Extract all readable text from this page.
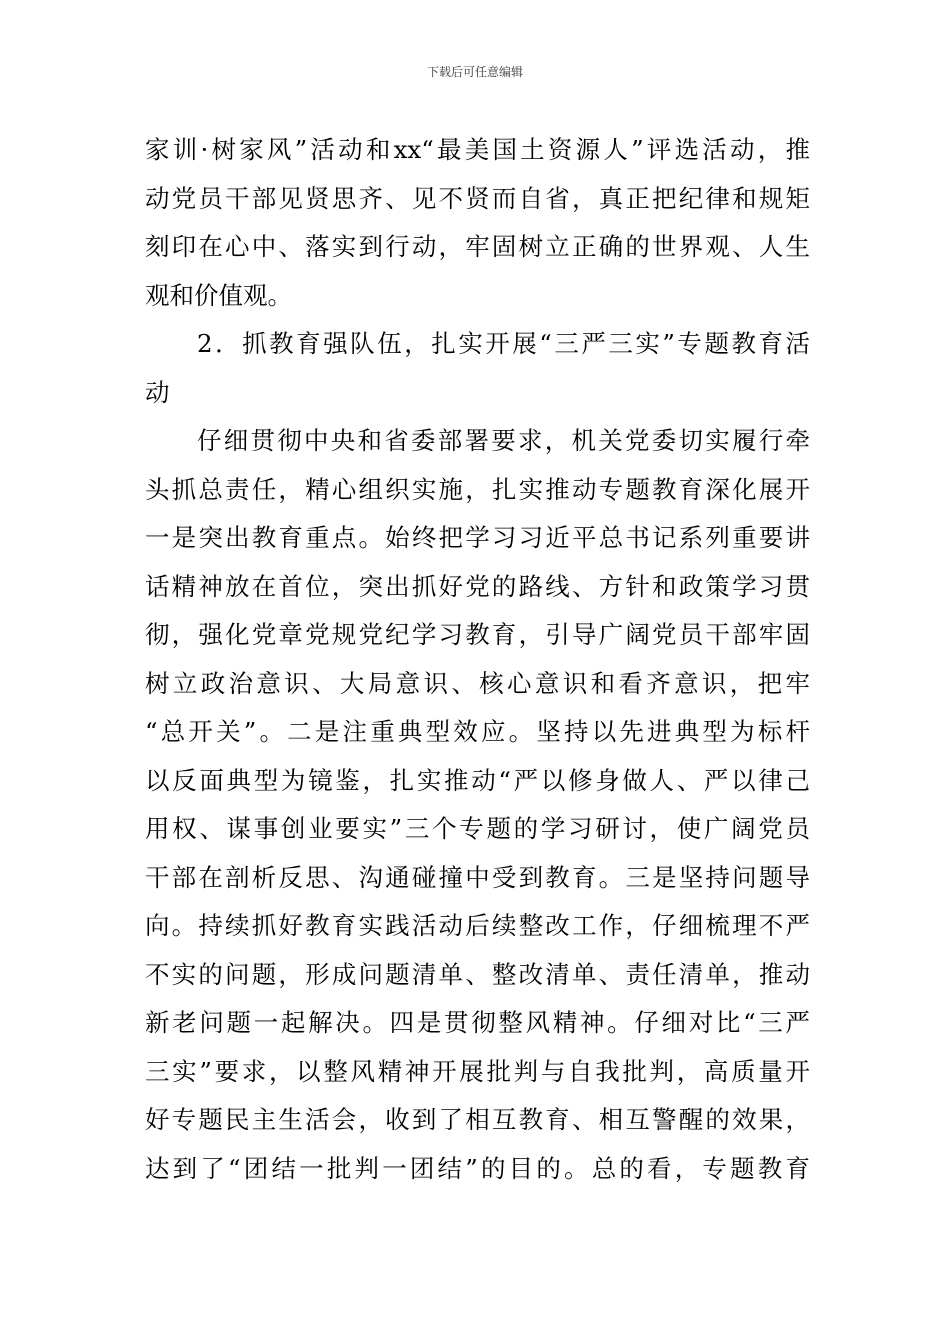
下载后可任意编辑
家训·树家风”活动和xx“最美国土资源人”评选活动，推
动党员干部见贤思齐、见不贤而自省，真正把纪律和规矩
刻印在心中、落实到行动，牢固树立正确的世界观、人生
观和价值观。
2．抓教育强队伍，扎实开展“三严三实”专题教育活
动
仔细贯彻中央和省委部署要求，机关党委切实履行牵
头抓总责任，精心组织实施，扎实推动专题教育深化展开
一是突出教育重点。始终把学习习近平总书记系列重要讲
话精神放在首位，突出抓好党的路线、方针和政策学习贯
彻，强化党章党规党纪学习教育，引导广阔党员干部牢固
树立政治意识、大局意识、核心意识和看齐意识，把牢
“总开关”。二是注重典型效应。坚持以先进典型为标杆
以反面典型为镜鉴，扎实推动“严以修身做人、严以律己
用权、谋事创业要实”三个专题的学习研讨，使广阔党员
干部在剖析反思、沟通碰撞中受到教育。三是坚持问题导
向。持续抓好教育实践活动后续整改工作，仔细梳理不严
不实的问题，形成问题清单、整改清单、责任清单，推动
新老问题一起解决。四是贯彻整风精神。仔细对比“三严
三实”要求，以整风精神开展批判与自我批判，高质量开
好专题民主生活会，收到了相互教育、相互警醒的效果，
达到了“团结一批判一团结”的目的。总的看，专题教育
